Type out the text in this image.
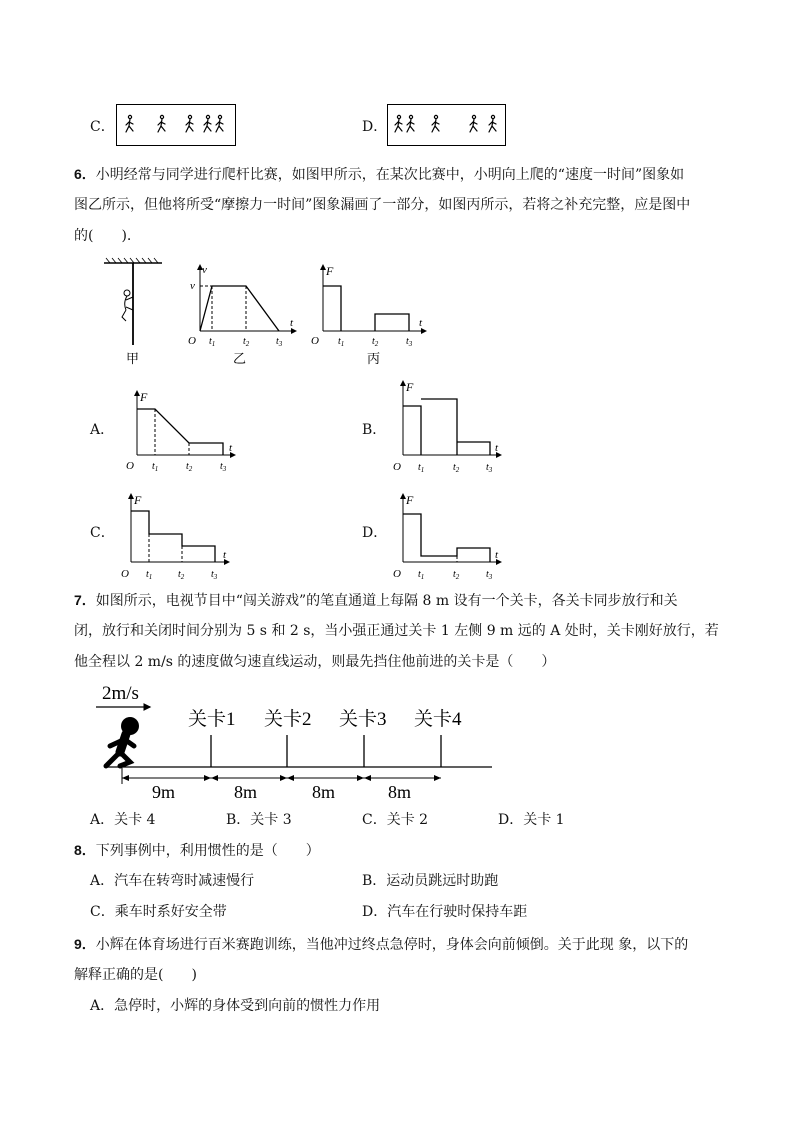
C．	D．
6．小明经常与同学进行爬杆比赛，如图甲所示，在某次比赛中，小明向上爬的“速度一时间”图象如
图乙所示，但他将所受“摩擦力一时间”图象漏画了一部分，如图丙所示，若将之补充完整，应是图中
的(　　).
甲
v
t
O
v
$t_1$	$t_2$	$t_3$
乙
F
t
O $t_1$	$t_2$	$t_3$
丙
A．
F
t
O $t_1$	$t_2$	$t_3$
B．
F
t
O $t_1$	$t_2$	$t_3$
C．
F
t
O $t_1$	$t_2$	$t_3$
D．
F
t
O $t_1$	$t_2$	$t_3$
7．如图所示，电视节目中“闯关游戏”的笔直通道上每隔 8 m 设有一个关卡，各关卡同步放行和关
闭，放行和关闭时间分别为 5 s 和 2 s，当小强正通过关卡 1 左侧 9 m 远的 A 处时，关卡刚好放行，若
他全程以 2 m/s 的速度做匀速直线运动，则最先挡住他前进的关卡是（　　）
2m/s
关卡1 关卡2 关卡3 关卡4
9m	8m	8m	8m
A．关卡 4	B．关卡 3	C．关卡 2	D．关卡 1
8．下列事例中，利用惯性的是（　　）
A．汽车在转弯时减速慢行	B．运动员跳远时助跑
C．乘车时系好安全带	D．汽车在行驶时保持车距
9．小辉在体育场进行百米赛跑训练，当他冲过终点急停时，身体会向前倾倒。关于此现 象，以下的
解释正确的是(　　)
A．急停时，小辉的身体受到向前的惯性力作用
